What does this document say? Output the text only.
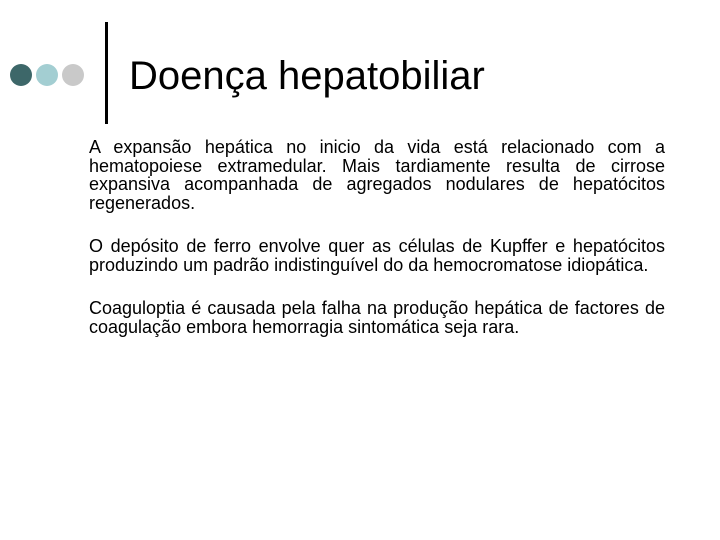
Doença hepatobiliar

A expansão hepática no inicio da vida está relacionado com a hematopoiese extramedular. Mais tardiamente resulta de cirrose expansiva acompanhada de agregados nodulares de hepatócitos regenerados.

O depósito de ferro envolve quer as células de Kupffer e hepatócitos produzindo um padrão indistinguível do da hemocromatose idiopática.

Coaguloptia é causada pela falha na produção hepática de factores de coagulação embora hemorragia sintomática seja rara.
